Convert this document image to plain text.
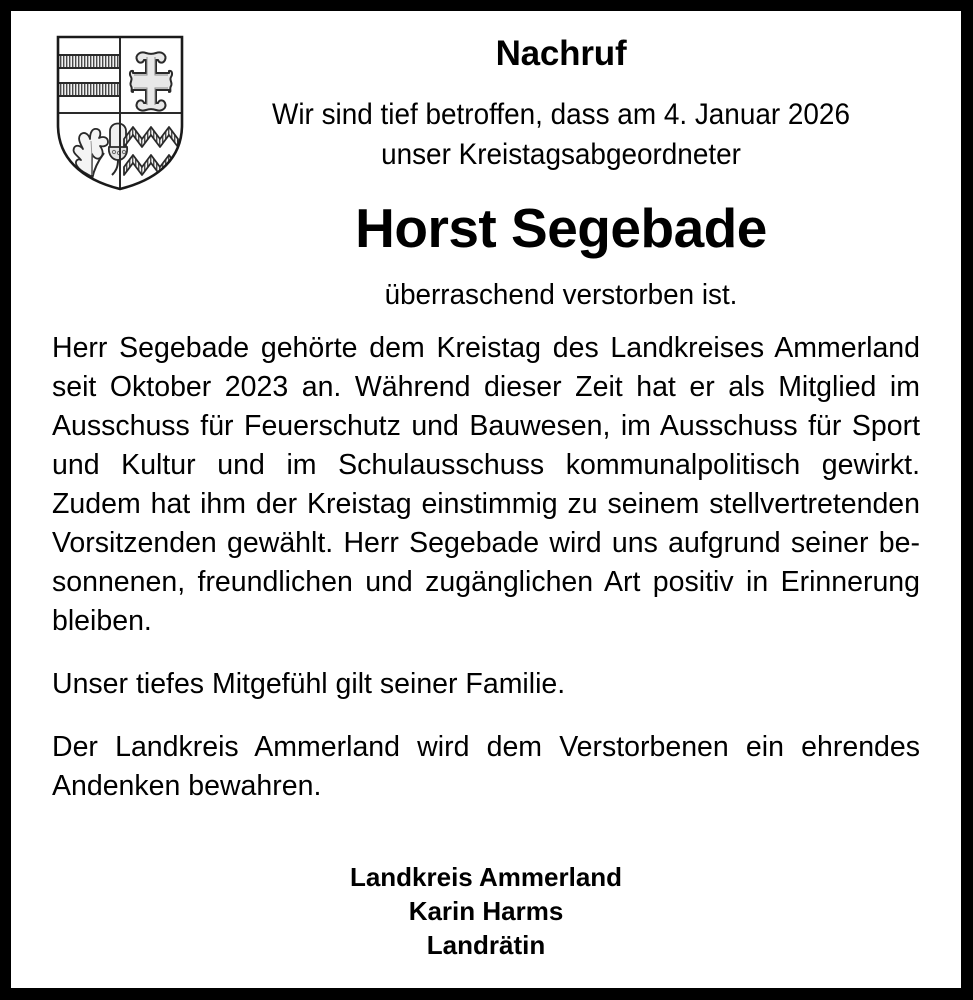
Nachruf
Wir sind tief betroffen, dass am 4. Januar 2026
unser Kreistagsabgeordneter
Horst Segebade
überraschend verstorben ist.

Herr Segebade gehörte dem Kreistag des Landkreises Ammerland seit Oktober 2023 an. Während dieser Zeit hat er als Mitglied im Ausschuss für Feuerschutz und Bauwesen, im Ausschuss für Sport und Kultur und im Schulausschuss kommunalpolitisch gewirkt. Zudem hat ihm der Kreistag einstimmig zu seinem stellvertretenden Vorsitzenden gewählt. Herr Segebade wird uns aufgrund seiner besonnenen, freundlichen und zugänglichen Art positiv in Erinnerung bleiben.

Unser tiefes Mitgefühl gilt seiner Familie.

Der Landkreis Ammerland wird dem Verstorbenen ein ehrendes Andenken bewahren.

Landkreis Ammerland
Karin Harms
Landrätin
